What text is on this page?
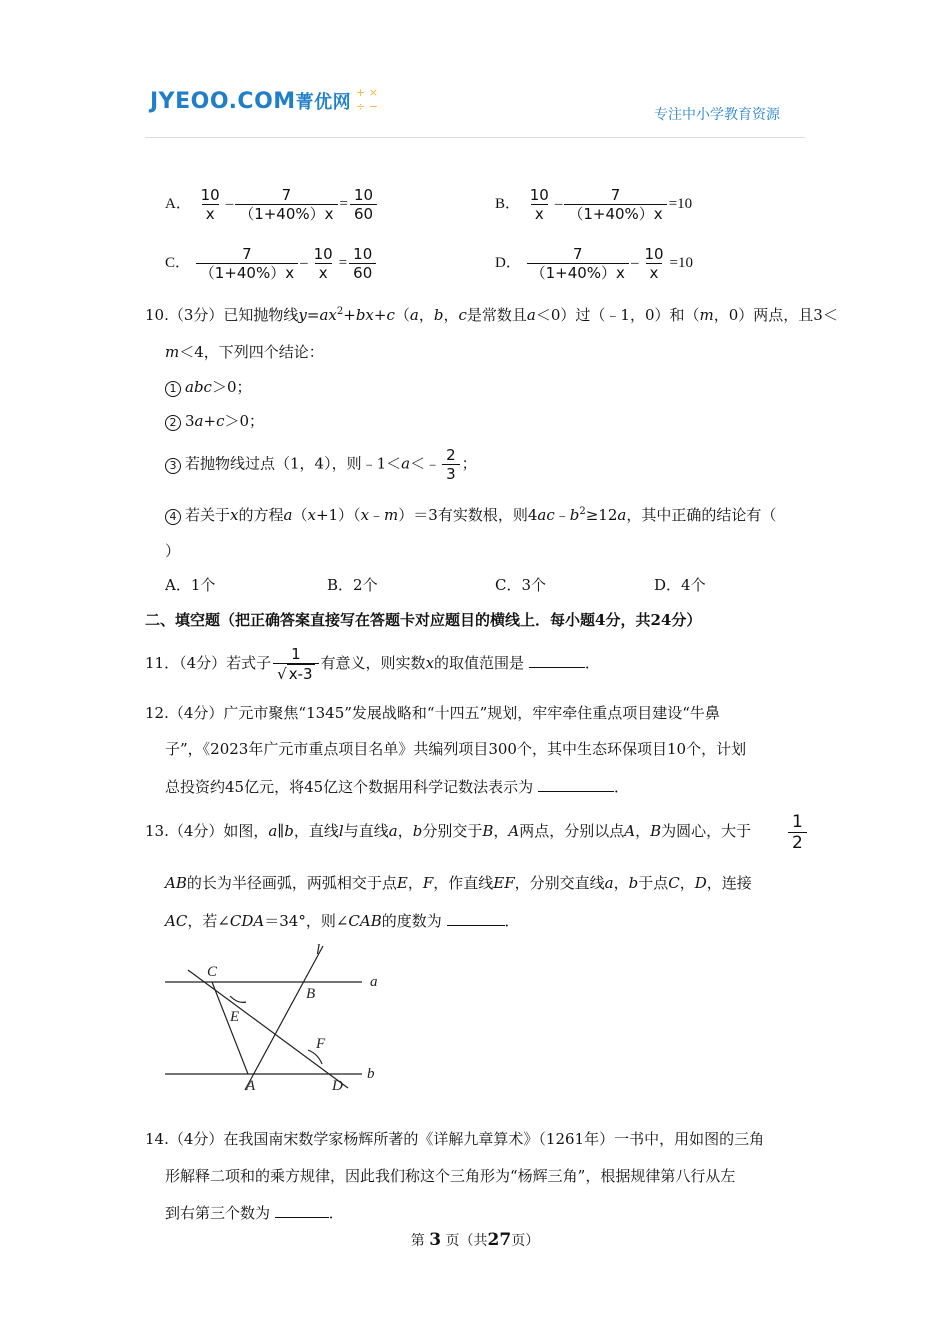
JYEOO.COM菁优网 + ×
÷ −
专注中小学教育资源
A． $\frac{10}{x} - \frac{7}{(1+40\%)x} = \frac{10}{60}$	B． $\frac{10}{x} - \frac{7}{(1+40\%)x} =10$
C． $\frac{7}{(1+40\%)x} - \frac{10}{x} = \frac{10}{60}$	D． $\frac{7}{(1+40\%)x} - \frac{10}{x} =10$
10.（3分）已知抛物线$y=ax^2+bx+c(a$，b，c是常数且a＜0）过（﹣1，0）和（m，0）两点，且3＜
m＜4，下列四个结论：
1 abc＞0；
2 3a+c＞0；
3 若抛物线过点（1，4），则﹣1＜a＜﹣ $\frac{2}{3}$ ；
4 若关于x的方程a（x+1）（x﹣m）＝3有实数根，则$4ac﹣b^2\ge 12a$，其中正确的结论有（
）
A．1个	B．2个	C．3个	D．4个
二、填空题（把正确答案直接写在答题卡对应题目的横线上．每小题4分，共24分）
11．（4分）若式子 $\frac{1}{√ x-3}$ 有意义，则实数x的取值范围是	．
12.（4分）广元市聚焦“1345”发展战略和“十四五”规划，牢牢牵住重点项目建设“牛鼻
子”，《2023年广元市重点项目名单》共编列项目300个，其中生态环保项目10个，计划
总投资约45亿元，将45亿这个数据用科学记数法表示为	．
13.（4分）如图，a∥b，直线l与直线a，b分别交于B，A两点，分别以点A，B为圆心，大于 $\frac{1}{2}$
AB的长为半径画弧，两弧相交于点E，F，作直线EF，分别交直线a，b于点C，D，连接
AC，若∠CDA＝34°，则∠CAB的度数为	．
C
B
E
F
A	D
a
b
l
14.（4分）在我国南宋数学家杨辉所著的《详解九章算术》（1261年）一书中，用如图的三角
形解释二项和的乘方规律，因此我们称这个三角形为“杨辉三角”，根据规律第八行从左
到右第三个数为	．
第 3 页（共27页）
